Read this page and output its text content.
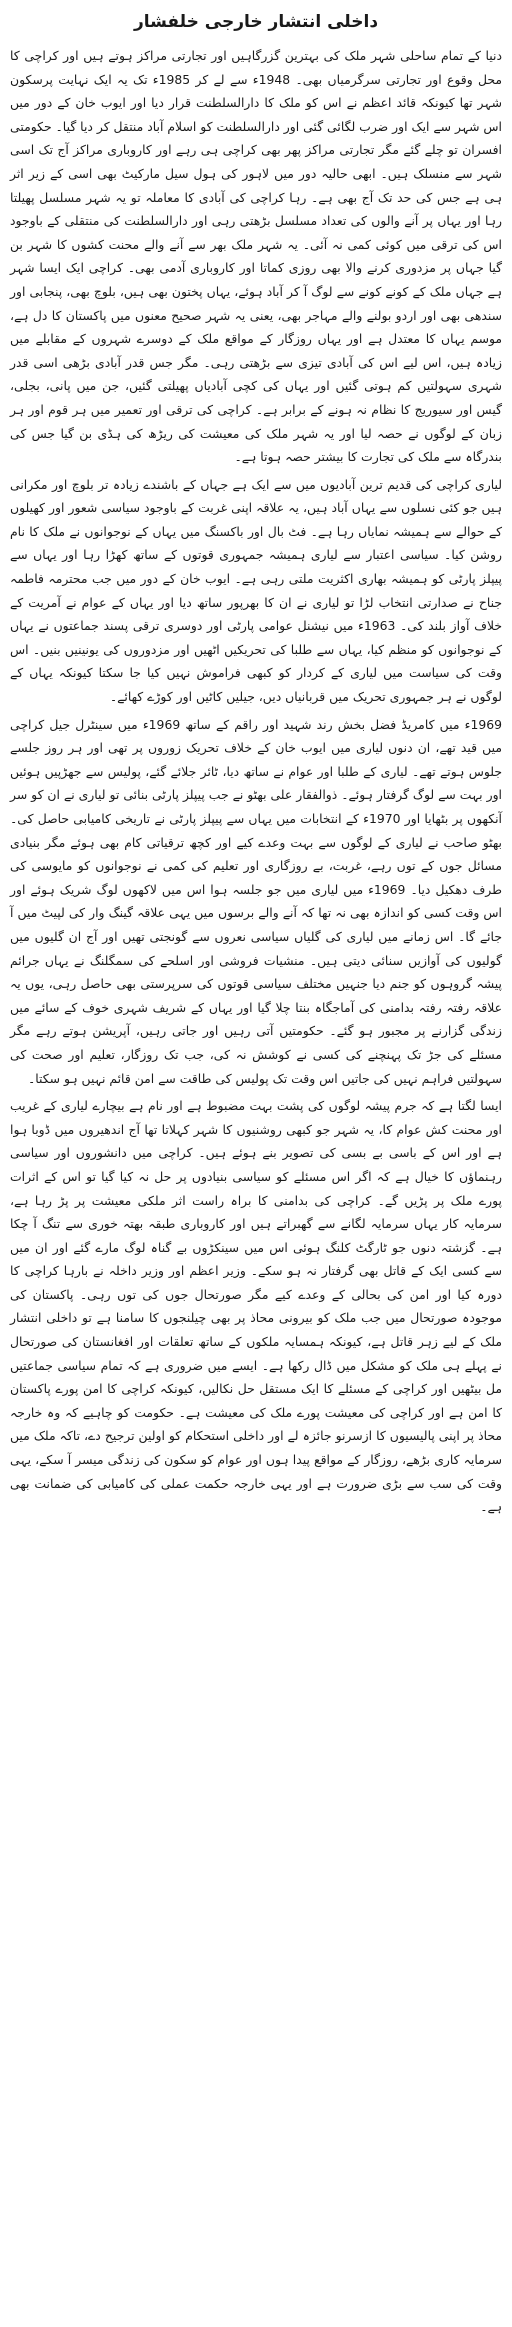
داخلی انتشار خارجی خلفشار

دنیا کے تمام ساحلی شہر ملک کی بہترین گزرگاہیں اور تجارتی مراکز ہوتے ہیں اور کراچی کا محل وقوع اور تجارتی سرگرمیاں بھی۔ 1948ء سے لے کر 1985ء تک یہ ایک نہایت پرسکون شہر تھا کیونکہ قائد اعظم نے اس کو ملک کا دارالسلطنت قرار دیا اور ایوب خان کے دور میں اس شہر سے ایک اور ضرب لگائی گئی اور دارالسلطنت کو اسلام آباد منتقل کر دیا گیا۔ حکومتی افسران تو چلے گئے مگر تجارتی مراکز پھر بھی کراچی ہی رہے اور کاروباری مراکز آج تک اسی شہر سے منسلک ہیں۔ ابھی حالیہ دور میں لاہور کی ہول سیل مارکیٹ بھی اسی کے زیر اثر ہی ہے جس کی حد تک آج بھی ہے۔ رہا کراچی کی آبادی کا معاملہ تو یہ شہر مسلسل پھیلتا رہا اور یہاں پر آنے والوں کی تعداد مسلسل بڑھتی رہی اور دارالسلطنت کی منتقلی کے باوجود اس کی ترقی میں کوئی کمی نہ آئی۔ یہ شہر ملک بھر سے آنے والے محنت کشوں کا شہر بن گیا جہاں پر مزدوری کرنے والا بھی روزی کماتا اور کاروباری آدمی بھی۔ کراچی ایک ایسا شہر ہے جہاں ملک کے کونے کونے سے لوگ آ کر آباد ہوئے، یہاں پختون بھی ہیں، بلوچ بھی، پنجابی اور سندھی بھی اور اردو بولنے والے مہاجر بھی، یعنی یہ شہر صحیح معنوں میں پاکستان کا دل ہے، موسم یہاں کا معتدل ہے اور یہاں روزگار کے مواقع ملک کے دوسرے شہروں کے مقابلے میں زیادہ ہیں، اس لیے اس کی آبادی تیزی سے بڑھتی رہی۔ مگر جس قدر آبادی بڑھی اسی قدر شہری سہولتیں کم ہوتی گئیں اور یہاں کی کچی آبادیاں پھیلتی گئیں، جن میں پانی، بجلی، گیس اور سیوریج کا نظام نہ ہونے کے برابر ہے۔ کراچی کی ترقی اور تعمیر میں ہر قوم اور ہر زبان کے لوگوں نے حصہ لیا اور یہ شہر ملک کی معیشت کی ریڑھ کی ہڈی بن گیا جس کی بندرگاہ سے ملک کی تجارت کا بیشتر حصہ ہوتا ہے۔

لیاری کراچی کی قدیم ترین آبادیوں میں سے ایک ہے جہاں کے باشندے زیادہ تر بلوچ اور مکرانی ہیں جو کئی نسلوں سے یہاں آباد ہیں، یہ علاقہ اپنی غربت کے باوجود سیاسی شعور اور کھیلوں کے حوالے سے ہمیشہ نمایاں رہا ہے۔ فٹ بال اور باکسنگ میں یہاں کے نوجوانوں نے ملک کا نام روشن کیا۔ سیاسی اعتبار سے لیاری ہمیشہ جمہوری قوتوں کے ساتھ کھڑا رہا اور یہاں سے پیپلز پارٹی کو ہمیشہ بھاری اکثریت ملتی رہی ہے۔ ایوب خان کے دور میں جب محترمہ فاطمہ جناح نے صدارتی انتخاب لڑا تو لیاری نے ان کا بھرپور ساتھ دیا اور یہاں کے عوام نے آمریت کے خلاف آواز بلند کی۔ 1963ء میں نیشنل عوامی پارٹی اور دوسری ترقی پسند جماعتوں نے یہاں کے نوجوانوں کو منظم کیا، یہاں سے طلبا کی تحریکیں اٹھیں اور مزدوروں کی یونینیں بنیں۔ اس وقت کی سیاست میں لیاری کے کردار کو کبھی فراموش نہیں کیا جا سکتا کیونکہ یہاں کے لوگوں نے ہر جمہوری تحریک میں قربانیاں دیں، جیلیں کاٹیں اور کوڑے کھائے۔

1969ء میں کامریڈ فضل بخش رند شہید اور راقم کے ساتھ 1969ء میں سینٹرل جیل کراچی میں قید تھے، ان دنوں لیاری میں ایوب خان کے خلاف تحریک زوروں پر تھی اور ہر روز جلسے جلوس ہوتے تھے۔ لیاری کے طلبا اور عوام نے ساتھ دیا، ٹائر جلائے گئے، پولیس سے جھڑپیں ہوئیں اور بہت سے لوگ گرفتار ہوئے۔ ذوالفقار علی بھٹو نے جب پیپلز پارٹی بنائی تو لیاری نے ان کو سر آنکھوں پر بٹھایا اور 1970ء کے انتخابات میں یہاں سے پیپلز پارٹی نے تاریخی کامیابی حاصل کی۔ بھٹو صاحب نے لیاری کے لوگوں سے بہت وعدے کیے اور کچھ ترقیاتی کام بھی ہوئے مگر بنیادی مسائل جوں کے توں رہے، غربت، بے روزگاری اور تعلیم کی کمی نے نوجوانوں کو مایوسی کی طرف دھکیل دیا۔ 1969ء میں لیاری میں جو جلسہ ہوا اس میں لاکھوں لوگ شریک ہوئے اور اس وقت کسی کو اندازہ بھی نہ تھا کہ آنے والے برسوں میں یہی علاقہ گینگ وار کی لپیٹ میں آ جائے گا۔ اس زمانے میں لیاری کی گلیاں سیاسی نعروں سے گونجتی تھیں اور آج ان گلیوں میں گولیوں کی آوازیں سنائی دیتی ہیں۔ منشیات فروشی اور اسلحے کی سمگلنگ نے یہاں جرائم پیشہ گروہوں کو جنم دیا جنہیں مختلف سیاسی قوتوں کی سرپرستی بھی حاصل رہی، یوں یہ علاقہ رفتہ رفتہ بدامنی کی آماجگاہ بنتا چلا گیا اور یہاں کے شریف شہری خوف کے سائے میں زندگی گزارنے پر مجبور ہو گئے۔ حکومتیں آتی رہیں اور جاتی رہیں، آپریشن ہوتے رہے مگر مسئلے کی جڑ تک پہنچنے کی کسی نے کوشش نہ کی، جب تک روزگار، تعلیم اور صحت کی سہولتیں فراہم نہیں کی جاتیں اس وقت تک پولیس کی طاقت سے امن قائم نہیں ہو سکتا۔

ایسا لگتا ہے کہ جرم پیشہ لوگوں کی پشت بہت مضبوط ہے اور نام ہے بیچارے لیاری کے غریب اور محنت کش عوام کا، یہ شہر جو کبھی روشنیوں کا شہر کہلاتا تھا آج اندھیروں میں ڈوبا ہوا ہے اور اس کے باسی بے بسی کی تصویر بنے ہوئے ہیں۔ کراچی میں دانشوروں اور سیاسی رہنماؤں کا خیال ہے کہ اگر اس مسئلے کو سیاسی بنیادوں پر حل نہ کیا گیا تو اس کے اثرات پورے ملک پر پڑیں گے۔ کراچی کی بدامنی کا براہ راست اثر ملکی معیشت پر پڑ رہا ہے، سرمایہ کار یہاں سرمایہ لگانے سے گھبراتے ہیں اور کاروباری طبقہ بھتہ خوری سے تنگ آ چکا ہے۔ گزشتہ دنوں جو ٹارگٹ کلنگ ہوئی اس میں سینکڑوں بے گناہ لوگ مارے گئے اور ان میں سے کسی ایک کے قاتل بھی گرفتار نہ ہو سکے۔ وزیر اعظم اور وزیر داخلہ نے بارہا کراچی کا دورہ کیا اور امن کی بحالی کے وعدے کیے مگر صورتحال جوں کی توں رہی۔ پاکستان کی موجودہ صورتحال میں جب ملک کو بیرونی محاذ پر بھی چیلنجوں کا سامنا ہے تو داخلی انتشار ملک کے لیے زہر قاتل ہے، کیونکہ ہمسایہ ملکوں کے ساتھ تعلقات اور افغانستان کی صورتحال نے پہلے ہی ملک کو مشکل میں ڈال رکھا ہے۔ ایسے میں ضروری ہے کہ تمام سیاسی جماعتیں مل بیٹھیں اور کراچی کے مسئلے کا ایک مستقل حل نکالیں، کیونکہ کراچی کا امن پورے پاکستان کا امن ہے اور کراچی کی معیشت پورے ملک کی معیشت ہے۔ حکومت کو چاہیے کہ وہ خارجہ محاذ پر اپنی پالیسیوں کا ازسرنو جائزہ لے اور داخلی استحکام کو اولین ترجیح دے، تاکہ ملک میں سرمایہ کاری بڑھے، روزگار کے مواقع پیدا ہوں اور عوام کو سکون کی زندگی میسر آ سکے، یہی وقت کی سب سے بڑی ضرورت ہے اور یہی خارجہ حکمت عملی کی کامیابی کی ضمانت بھی ہے۔
